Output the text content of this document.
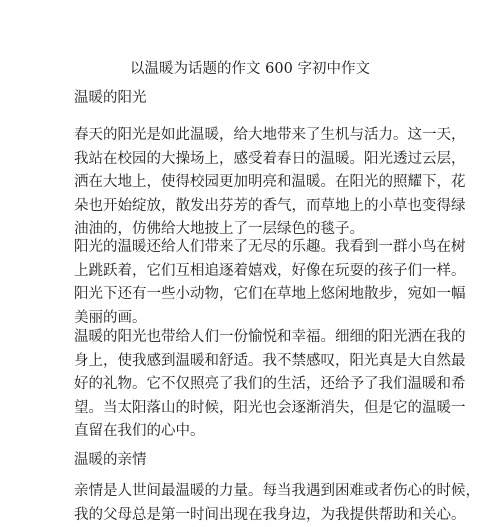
以温暖为话题的作文 600 字初中作文
温暖的阳光
春天的阳光是如此温暖，给大地带来了生机与活力。这一天，
我站在校园的大操场上，感受着春日的温暖。阳光透过云层，
洒在大地上，使得校园更加明亮和温暖。在阳光的照耀下，花
朵也开始绽放，散发出芬芳的香气，而草地上的小草也变得绿
油油的，仿佛给大地披上了一层绿色的毯子。
阳光的温暖还给人们带来了无尽的乐趣。我看到一群小鸟在树
上跳跃着，它们互相追逐着嬉戏，好像在玩耍的孩子们一样。
阳光下还有一些小动物，它们在草地上悠闲地散步，宛如一幅
美丽的画。
温暖的阳光也带给人们一份愉悦和幸福。细细的阳光洒在我的
身上，使我感到温暖和舒适。我不禁感叹，阳光真是大自然最
好的礼物。它不仅照亮了我们的生活，还给予了我们温暖和希
望。当太阳落山的时候，阳光也会逐渐消失，但是它的温暖一
直留在我们的心中。
温暖的亲情
亲情是人世间最温暖的力量。每当我遇到困难或者伤心的时候，
我的父母总是第一时间出现在我身边，为我提供帮助和关心。
